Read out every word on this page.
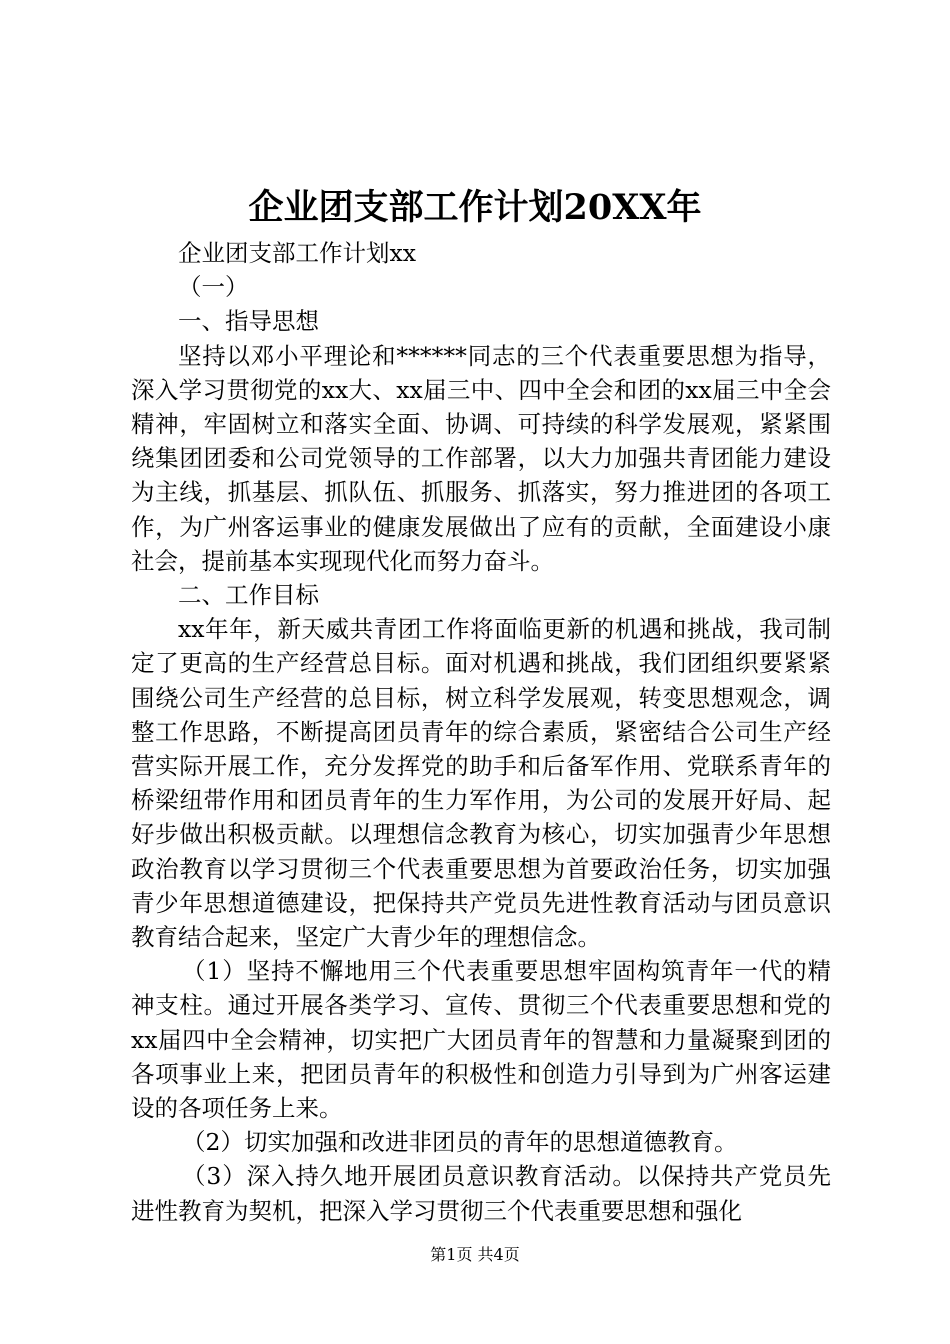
企业团支部工作计划20XX年

企业团支部工作计划xx

（一）

一、指导思想

坚持以邓小平理论和******同志的三个代表重要思想为指导，深入学习贯彻党的xx大、xx届三中、四中全会和团的xx届三中全会精神，牢固树立和落实全面、协调、可持续的科学发展观，紧紧围绕集团团委和公司党领导的工作部署，以大力加强共青团能力建设为主线，抓基层、抓队伍、抓服务、抓落实，努力推进团的各项工作，为广州客运事业的健康发展做出了应有的贡献，全面建设小康社会，提前基本实现现代化而努力奋斗。

二、工作目标

xx年年，新天威共青团工作将面临更新的机遇和挑战，我司制定了更高的生产经营总目标。面对机遇和挑战，我们团组织要紧紧围绕公司生产经营的总目标，树立科学发展观，转变思想观念，调整工作思路，不断提高团员青年的综合素质，紧密结合公司生产经营实际开展工作，充分发挥党的助手和后备军作用、党联系青年的桥梁纽带作用和团员青年的生力军作用，为公司的发展开好局、起好步做出积极贡献。以理想信念教育为核心，切实加强青少年思想政治教育以学习贯彻三个代表重要思想为首要政治任务，切实加强青少年思想道德建设，把保持共产党员先进性教育活动与团员意识教育结合起来，坚定广大青少年的理想信念。

（1）坚持不懈地用三个代表重要思想牢固构筑青年一代的精神支柱。通过开展各类学习、宣传、贯彻三个代表重要思想和党的xx届四中全会精神，切实把广大团员青年的智慧和力量凝聚到团的各项事业上来，把团员青年的积极性和创造力引导到为广州客运建设的各项任务上来。

（2）切实加强和改进非团员的青年的思想道德教育。

（3）深入持久地开展团员意识教育活动。以保持共产党员先进性教育为契机，把深入学习贯彻三个代表重要思想和强化

第1页 共4页
